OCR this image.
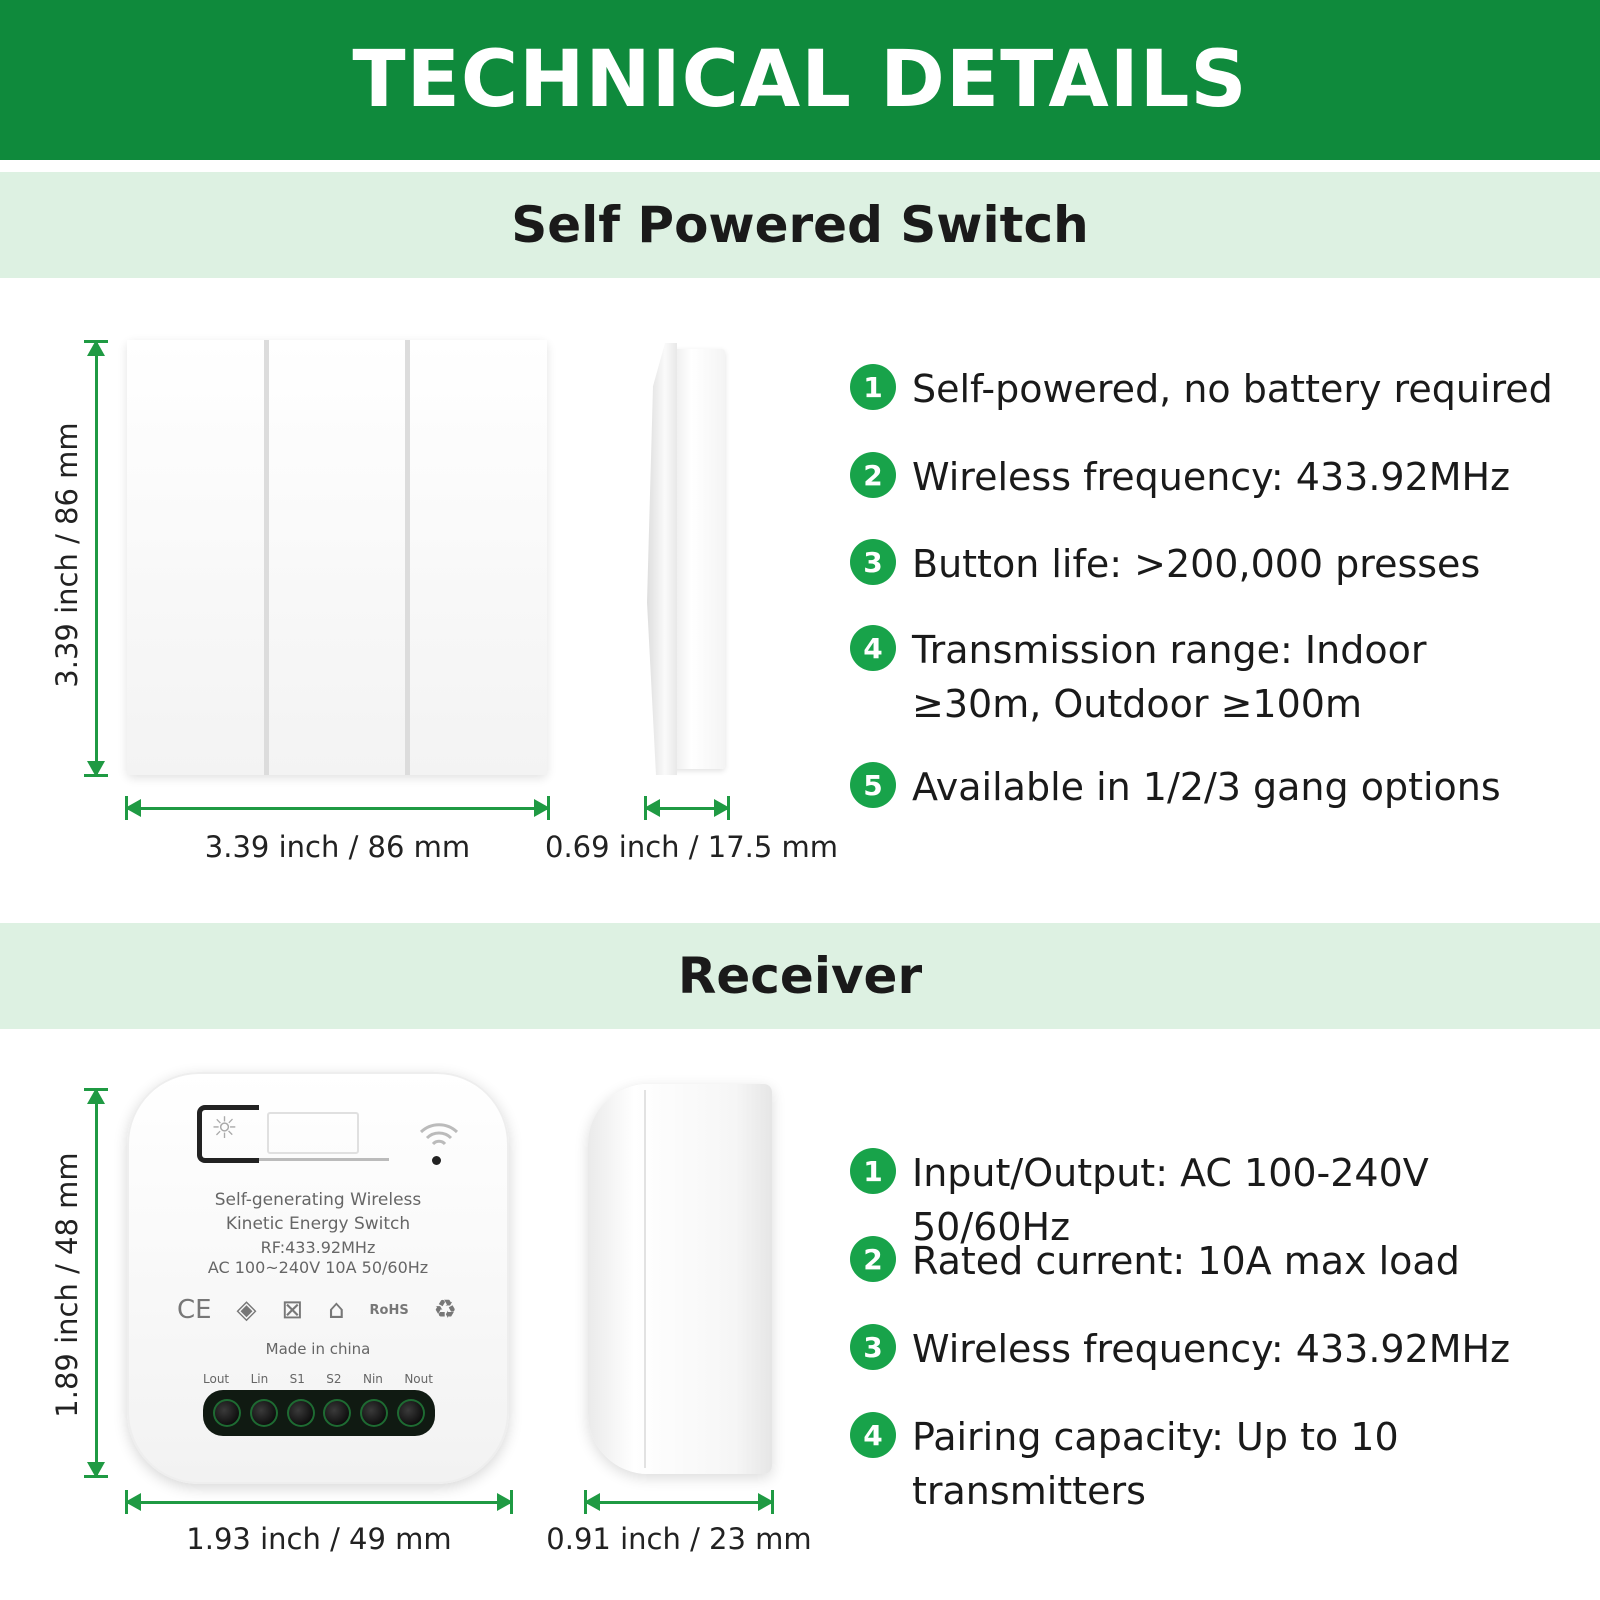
TECHNICAL DETAILS
Self Powered Switch
3.39 inch / 86 mm
3.39 inch / 86 mm	0.69 inch / 17.5 mm
1 Self-powered, no battery required
2 Wireless frequency: 433.92MHz
3 Button life: >200,000 presses
4 Transmission range: Indoor ≥30m, Outdoor ≥100m
5 Available in 1/2/3 gang options
Receiver
1.89 inch / 48 mm
☼
Self-generating Wireless
Kinetic Energy Switch
RF:433.92MHz
AC 100~240V 10A 50/60Hz
CE ◈ ⊠ ⌂ RoHS ♻
Made in china
Lout Lin S1 S2 Nin Nout
1.93 inch / 49 mm	0.91 inch / 23 mm
1 Input/Output: AC 100-240V 50/60Hz
2 Rated current: 10A max load
3 Wireless frequency: 433.92MHz
4 Pairing capacity: Up to 10 transmitters
